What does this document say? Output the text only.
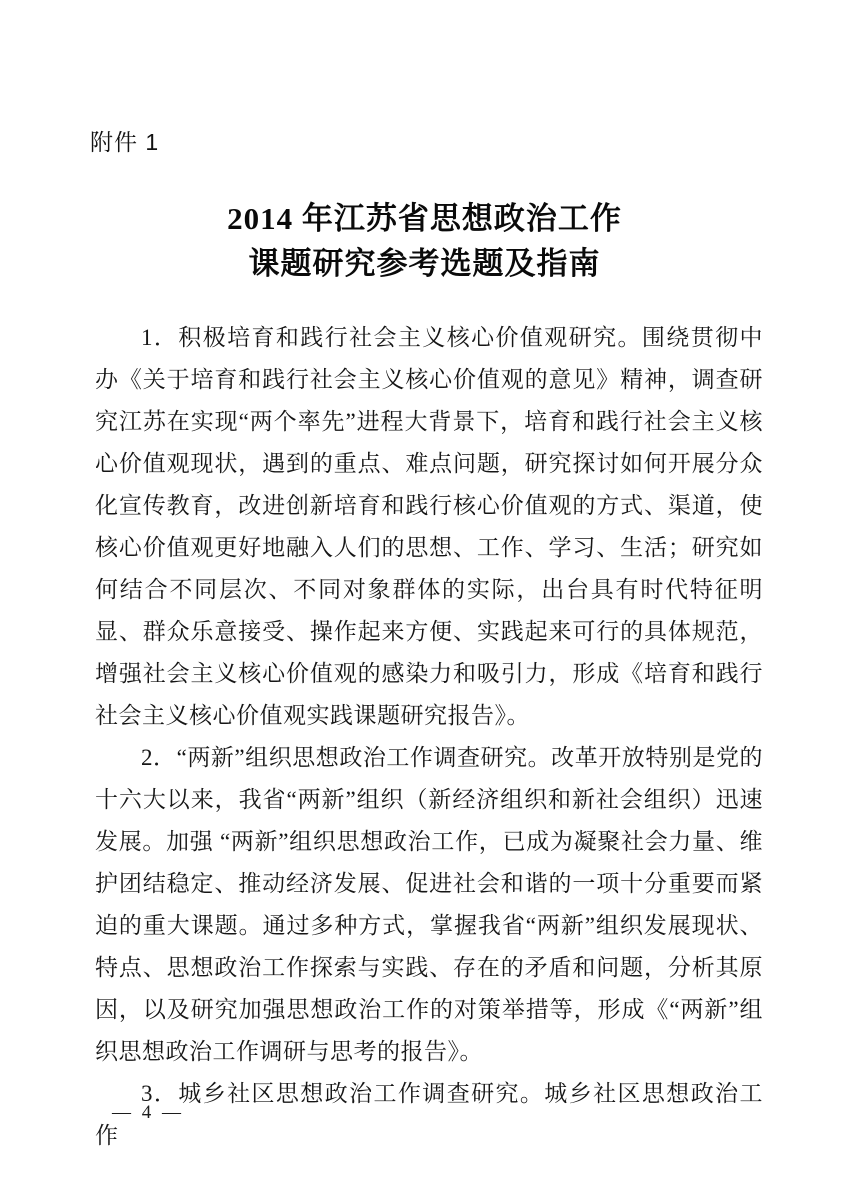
附件 1
2014 年江苏省思想政治工作
课题研究参考选题及指南

1．积极培育和践行社会主义核心价值观研究。围绕贯彻中办《关于培育和践行社会主义核心价值观的意见》精神，调查研究江苏在实现“两个率先”进程大背景下，培育和践行社会主义核心价值观现状，遇到的重点、难点问题，研究探讨如何开展分众化宣传教育，改进创新培育和践行核心价值观的方式、渠道，使核心价值观更好地融入人们的思想、工作、学习、生活；研究如何结合不同层次、不同对象群体的实际，出台具有时代特征明显、群众乐意接受、操作起来方便、实践起来可行的具体规范，增强社会主义核心价值观的感染力和吸引力，形成《培育和践行社会主义核心价值观实践课题研究报告》。

2．“两新”组织思想政治工作调查研究。改革开放特别是党的十六大以来，我省“两新”组织（新经济组织和新社会组织）迅速发展。加强 “两新”组织思想政治工作，已成为凝聚社会力量、维护团结稳定、推动经济发展、促进社会和谐的一项十分重要而紧迫的重大课题。通过多种方式，掌握我省“两新”组织发展现状、特点、思想政治工作探索与实践、存在的矛盾和问题，分析其原因，以及研究加强思想政治工作的对策举措等，形成《“两新”组织思想政治工作调研与思考的报告》。

3．城乡社区思想政治工作调查研究。城乡社区思想政治工作

— 4 —
